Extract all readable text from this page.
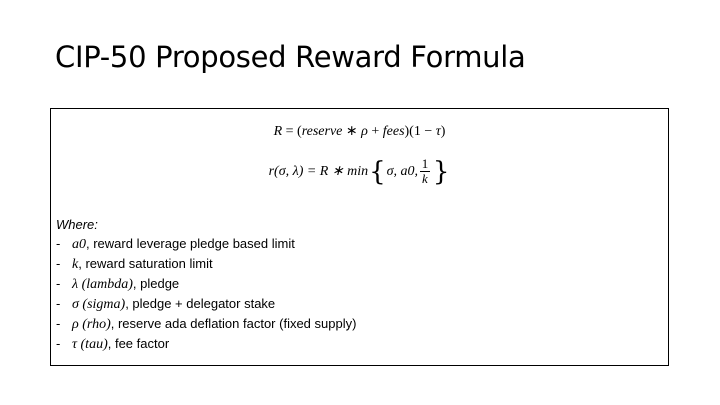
CIP-50 Proposed Reward Formula
R = (reserve ∗ ρ + fees)(1 − τ)
r(σ, λ) = R ∗ min { σ, a0, $\frac{1}{k}$ }
Where:
- a0, reward leverage pledge based limit
- k, reward saturation limit
- λ (lambda), pledge
- σ (sigma), pledge + delegator stake
- ρ (rho), reserve ada deflation factor (fixed supply)
- τ (tau), fee factor
